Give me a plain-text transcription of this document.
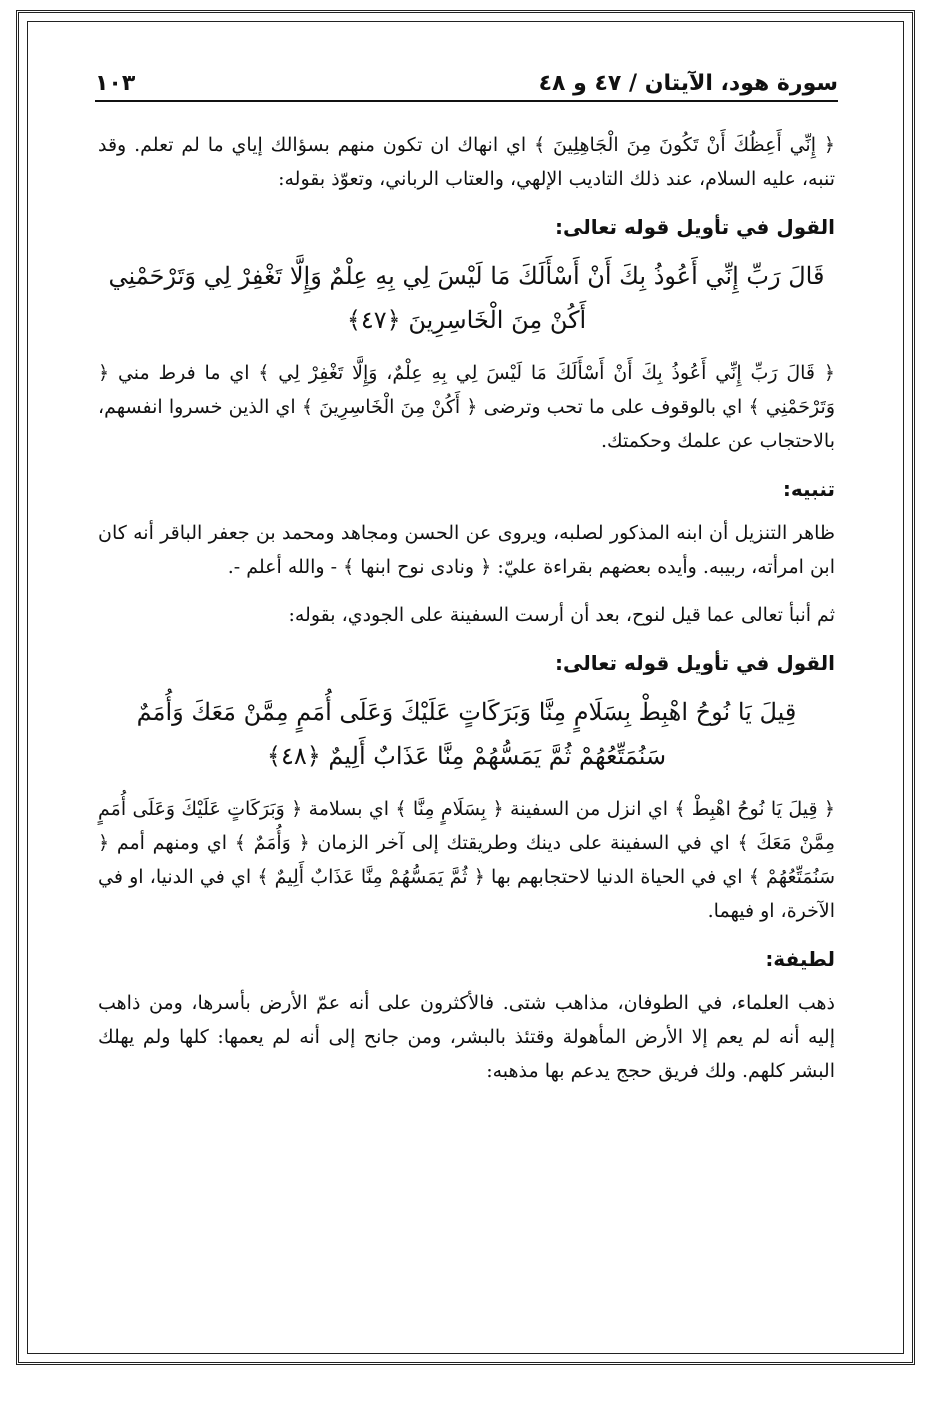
سورة هود، الآيتان / ٤٧ و ٤٨
١٠٣

﴿ إِنِّي أَعِظُكَ أَنْ تَكُونَ مِنَ الْجَاهِلِينَ ﴾ اي انهاك ان تكون منهم بسؤالك إياي ما لم تعلم. وقد تنبه، عليه السلام، عند ذلك التاديب الإلهي، والعتاب الرباني، وتعوّذ بقوله:

القول في تأويل قوله تعالى:
قَالَ رَبِّ إِنِّي أَعُوذُ بِكَ أَنْ أَسْأَلَكَ مَا لَيْسَ لِي بِهِ عِلْمٌ وَإِلَّا تَغْفِرْ لِي وَتَرْحَمْنِي
أَكُنْ مِنَ الْخَاسِرِينَ ﴿٤٧﴾

﴿ قَالَ رَبِّ إِنِّي أَعُوذُ بِكَ أَنْ أَسْأَلَكَ مَا لَيْسَ لِي بِهِ عِلْمٌ، وَإِلَّا تَغْفِرْ لِي ﴾ اي ما فرط مني ﴿ وَتَرْحَمْنِي ﴾ اي بالوقوف على ما تحب وترضى ﴿ أَكُنْ مِنَ الْخَاسِرِينَ ﴾ اي الذين خسروا انفسهم، بالاحتجاب عن علمك وحكمتك.

تنبيه:

ظاهر التنزيل أن ابنه المذكور لصلبه، ويروى عن الحسن ومجاهد ومحمد بن جعفر الباقر أنه كان ابن امرأته، ربيبه. وأيده بعضهم بقراءة عليّ: ﴿ ونادى نوح ابنها ﴾ - والله أعلم -.

ثم أنبأ تعالى عما قيل لنوح، بعد أن أرست السفينة على الجودي، بقوله:

القول في تأويل قوله تعالى:
قِيلَ يَا نُوحُ اهْبِطْ بِسَلَامٍ مِنَّا وَبَرَكَاتٍ عَلَيْكَ وَعَلَى أُمَمٍ مِمَّنْ مَعَكَ وَأُمَمٌ
سَنُمَتِّعُهُمْ ثُمَّ يَمَسُّهُمْ مِنَّا عَذَابٌ أَلِيمٌ ﴿٤٨﴾

﴿ قِيلَ يَا نُوحُ اهْبِطْ ﴾ اي انزل من السفينة ﴿ بِسَلَامٍ مِنَّا ﴾ اي بسلامة ﴿ وَبَرَكَاتٍ عَلَيْكَ وَعَلَى أُمَمٍ مِمَّنْ مَعَكَ ﴾ اي في السفينة على دينك وطريقتك إلى آخر الزمان ﴿ وَأُمَمٌ ﴾ اي ومنهم أمم ﴿ سَنُمَتِّعُهُمْ ﴾ اي في الحياة الدنيا لاحتجابهم بها ﴿ ثُمَّ يَمَسُّهُمْ مِنَّا عَذَابٌ أَلِيمٌ ﴾ اي في الدنيا، او في الآخرة، او فيهما.

لطيفة:

ذهب العلماء، في الطوفان، مذاهب شتى. فالأكثرون على أنه عمّ الأرض بأسرها، ومن ذاهب إليه أنه لم يعم إلا الأرض المأهولة وقتئذ بالبشر، ومن جانح إلى أنه لم يعمها: كلها ولم يهلك البشر كلهم. ولك فريق حجج يدعم بها مذهبه:
